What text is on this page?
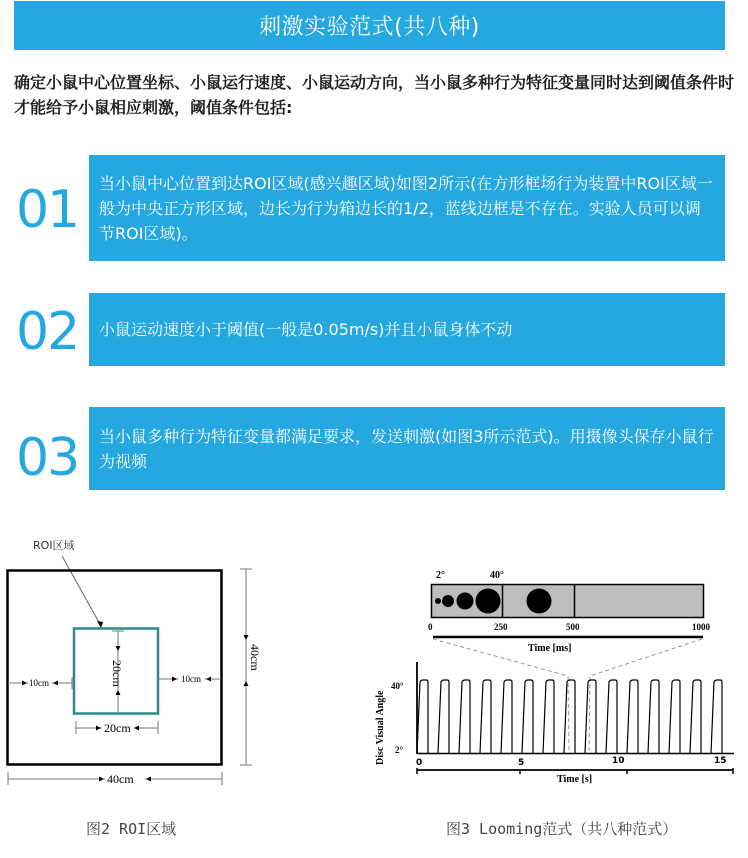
刺激实验范式(共八种)
确定小鼠中心位置坐标、小鼠运行速度、小鼠运动方向，当小鼠多种行为特征变量同时达到阈值条件时才能给予小鼠相应刺激，阈值条件包括:
01 当小鼠中心位置到达ROI区域(感兴趣区域)如图2所示(在方形框场行为装置中ROI区域一般为中央正方形区域，边长为行为箱边长的1/2，蓝线边框是不存在。实验人员可以调节ROI区域)。
02 小鼠运动速度小于阈值(一般是0.05m/s)并且小鼠身体不动
03 当小鼠多种行为特征变量都满足要求，发送刺激(如图3所示范式)。用摄像头保存小鼠行为视频
ROI区域
20cm
10cm	10cm
20cm
40cm
40cm
图2 ROI区域
2°	40°
0	250	500	1000
Time [ms]
40°
2°
Disc Visual Angle	0	5	10	15
Time [s]
图3 Looming范式（共八种范式）
